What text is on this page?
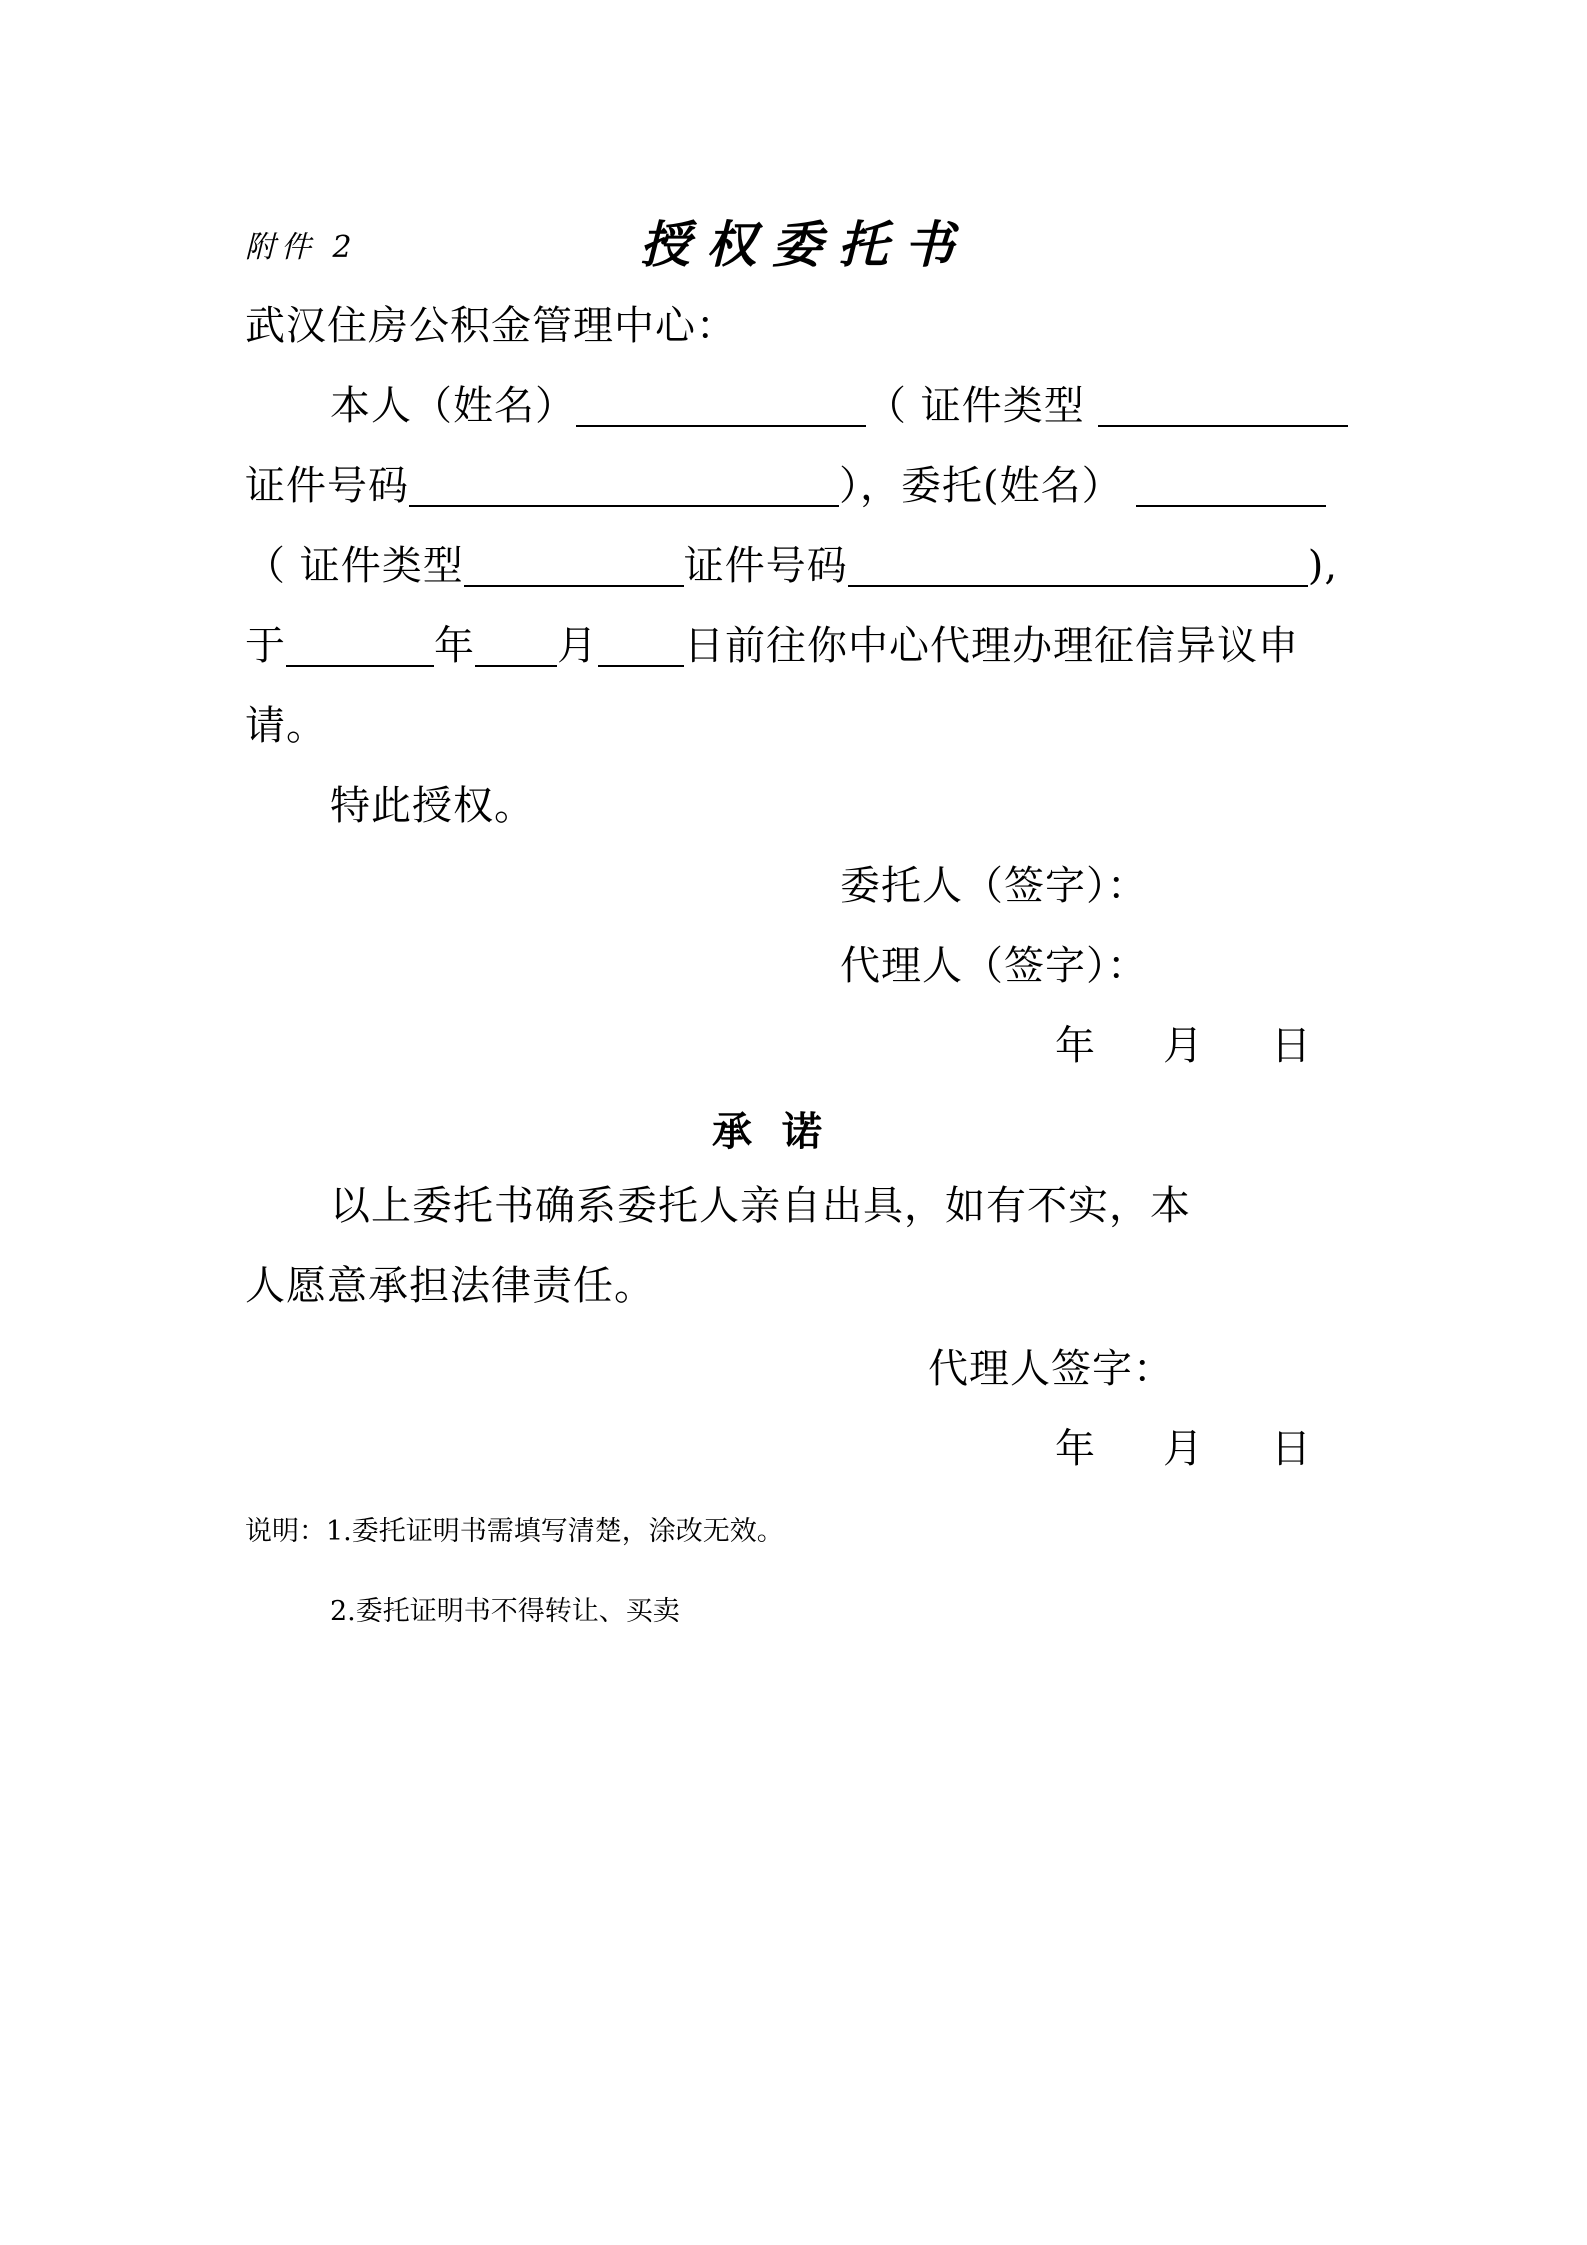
附件 2	授权委托书
武汉住房公积金管理中心：
本人（姓名）	（ 证件类型
证件号码	），委托(姓名）
（ 证件类型	证件号码	),
于	年 月 日前往你中心代理办理征信异议申
请。
特此授权。
委托人（签字）：
代理人（签字）：
年 月 日
承诺
以上委托书确系委托人亲自出具，如有不实，本
人愿意承担法律责任。
代理人签字：
年 月 日
说明：1.委托证明书需填写清楚，涂改无效。
2.委托证明书不得转让、买卖
